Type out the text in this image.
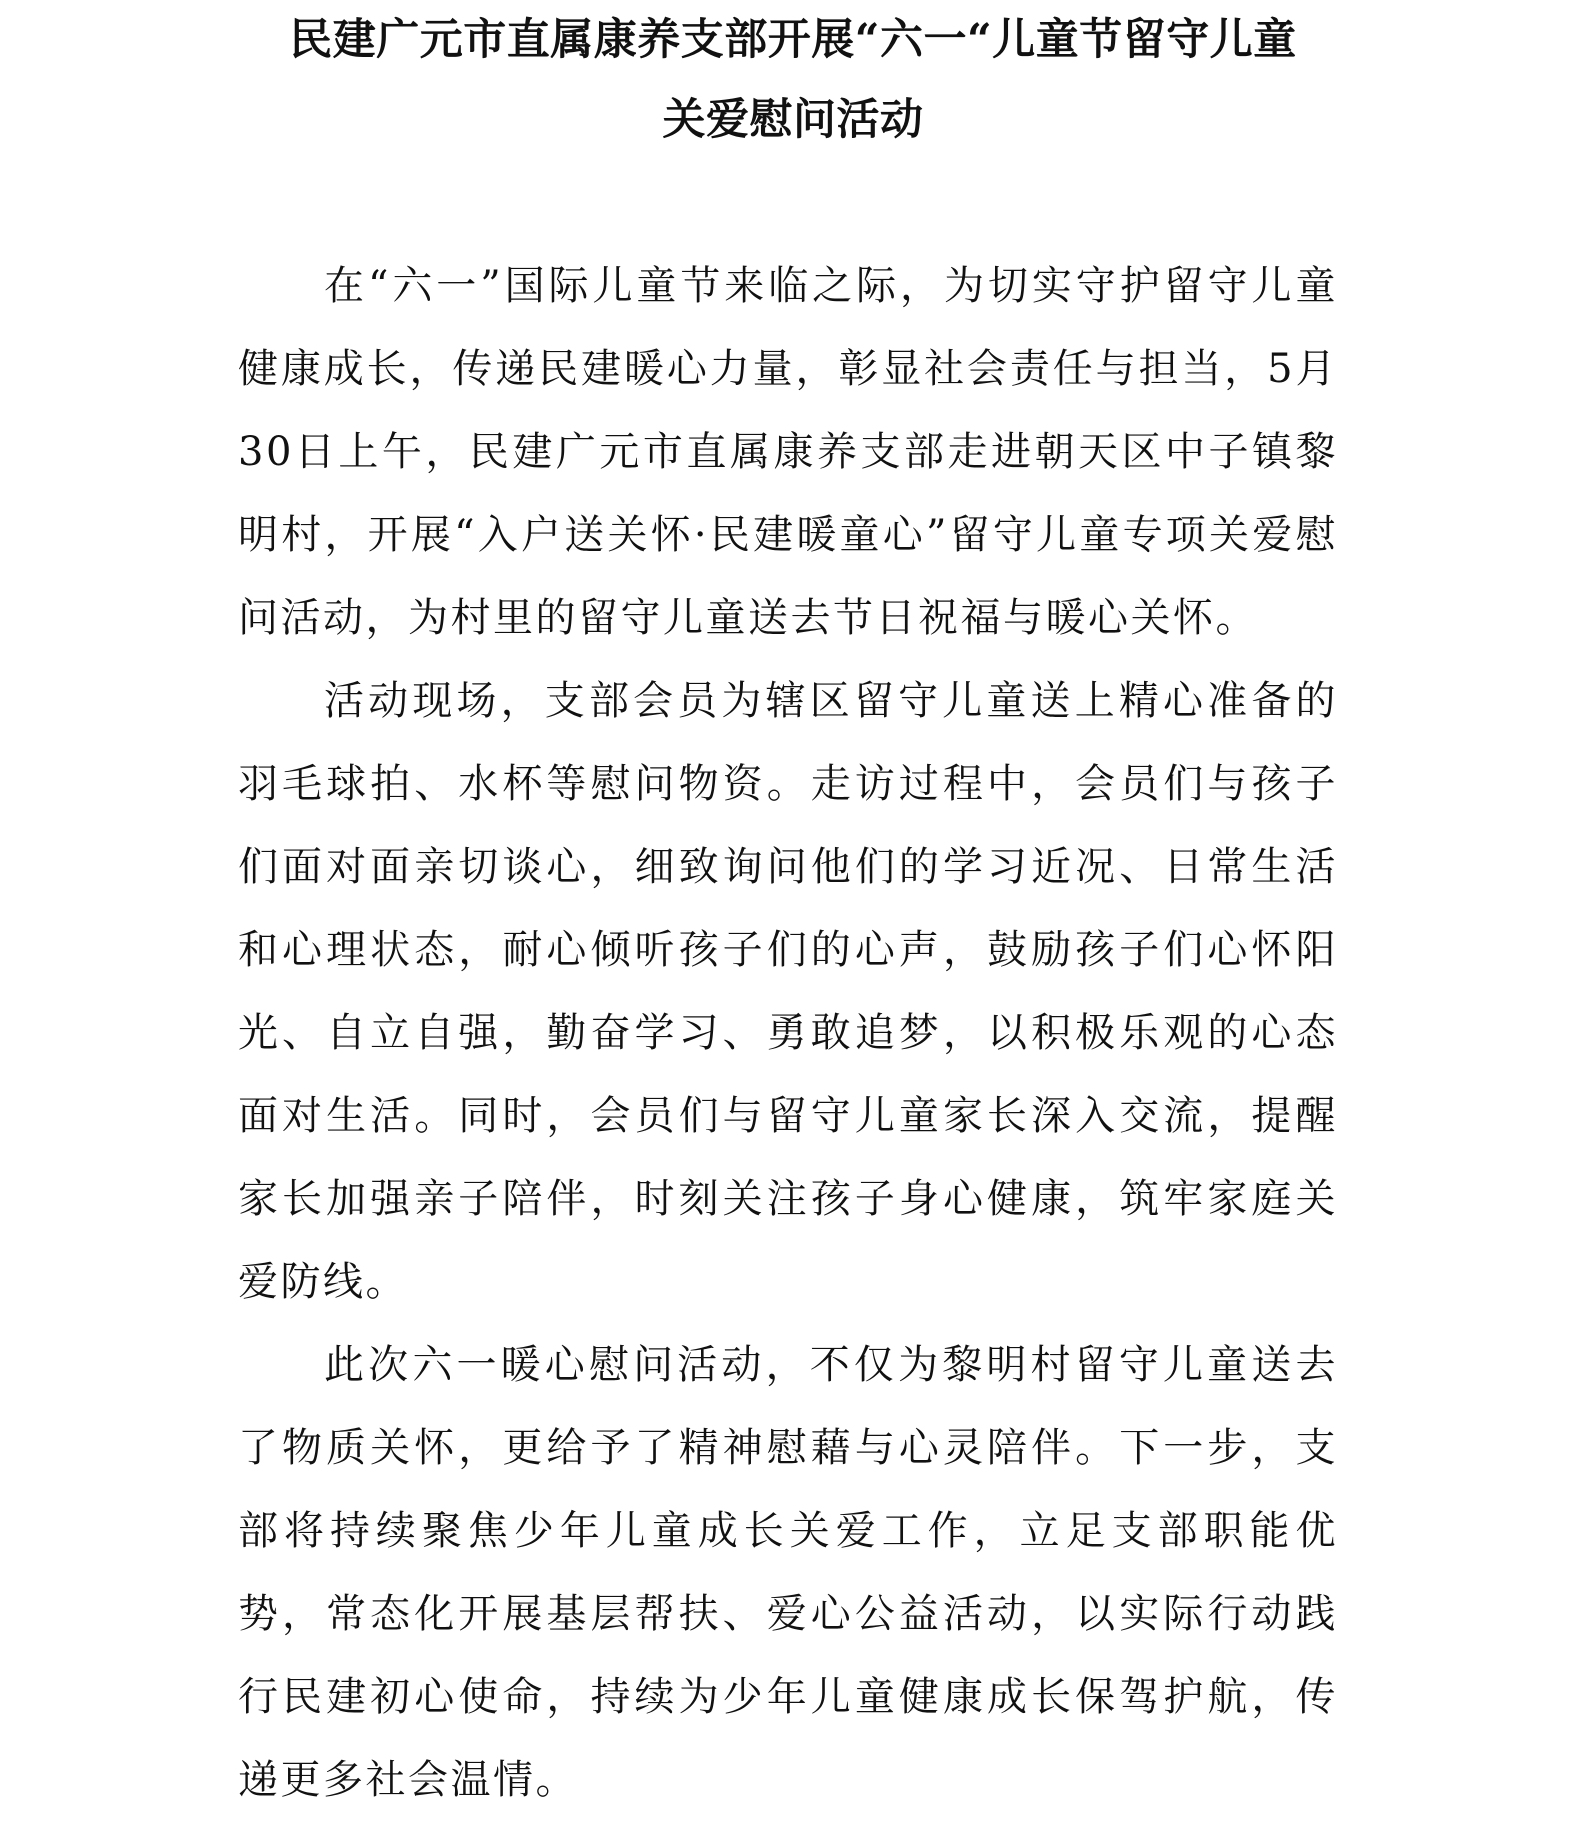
民建广元市直属康养支部开展“六一“儿童节留守儿童
关爱慰问活动

在“六一”国际儿童节来临之际，为切实守护留守儿童健康成长，传递民建暖心力量，彰显社会责任与担当，5月30日上午，民建广元市直属康养支部走进朝天区中子镇黎明村，开展“入户送关怀·民建暖童心”留守儿童专项关爱慰问活动，为村里的留守儿童送去节日祝福与暖心关怀。

活动现场，支部会员为辖区留守儿童送上精心准备的羽毛球拍、水杯等慰问物资。走访过程中，会员们与孩子们面对面亲切谈心，细致询问他们的学习近况、日常生活和心理状态，耐心倾听孩子们的心声，鼓励孩子们心怀阳光、自立自强，勤奋学习、勇敢追梦，以积极乐观的心态面对生活。同时，会员们与留守儿童家长深入交流，提醒家长加强亲子陪伴，时刻关注孩子身心健康，筑牢家庭关爱防线。

此次六一暖心慰问活动，不仅为黎明村留守儿童送去了物质关怀，更给予了精神慰藉与心灵陪伴。下一步，支部将持续聚焦少年儿童成长关爱工作，立足支部职能优势，常态化开展基层帮扶、爱心公益活动，以实际行动践行民建初心使命，持续为少年儿童健康成长保驾护航，传递更多社会温情。
